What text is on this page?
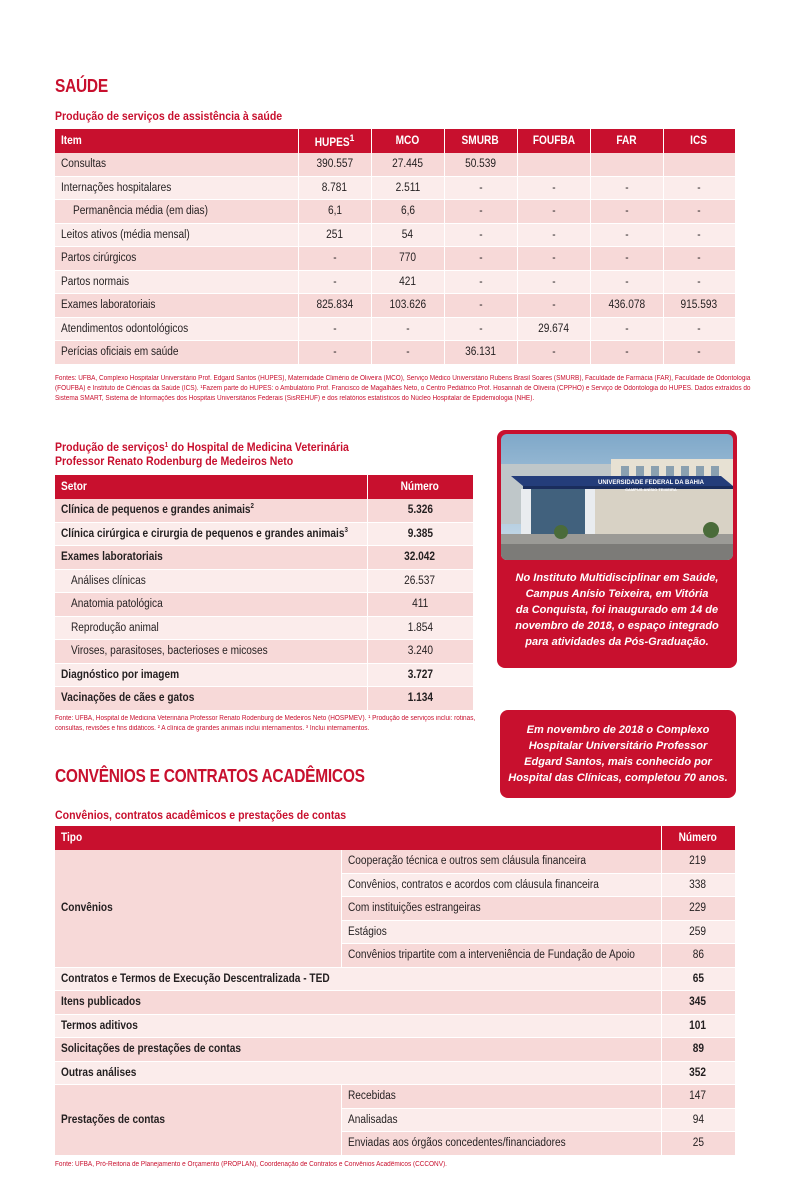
SAÚDE
Produção de serviços de assistência à saúde
Item	HUPES$^1$	MCO	SMURB	FOUFBA	FAR	ICS
Consultas	390.557	27.445	50.539			
Internações hospitalares	8.781	2.511	-	-	-	-
Permanência média (em dias)	6,1	6,6	-	-	-	-
Leitos ativos (média mensal)	251	54	-	-	-	-
Partos cirúrgicos	-	770	-	-	-	-
Partos normais	-	421	-	-	-	-
Exames laboratoriais	825.834	103.626	-	-	436.078	915.593
Atendimentos odontológicos	-	-	-	29.674	-	-
Perícias oficiais em saúde	-	-	36.131	-	-	-
Fontes: UFBA, Complexo Hospitalar Universitário Prof. Edgard Santos (HUPES), Maternidade Climério de Oliveira (MCO), Serviço Médico Universitário Rubens Brasil Soares (SMURB), Faculdade de Farmácia (FAR), Faculdade de Odontologia
(FOUFBA) e Instituto de Ciências da Saúde (ICS). ¹Fazem parte do HUPES: o Ambulatório Prof. Francisco de Magalhães Neto, o Centro Pediátrico Prof. Hosannah de Oliveira (CPPHO) e Serviço de Odontologia do HUPES. Dados extraídos do
Sistema SMART, Sistema de Informações dos Hospitais Universitários Federais (SisREHUF) e dos relatórios estatísticos do Núcleo Hospitalar de Epidemiologia (NHE).
Produção de serviços$^1$ do Hospital de Medicina Veterinária
Professor Renato Rodenburg de Medeiros Neto
Setor	Número
Clínica de pequenos e grandes animais$^2$	5.326
Clínica cirúrgica e cirurgia de pequenos e grandes animais$^3$	9.385
Exames laboratoriais	32.042
Análises clínicas	26.537
Anatomia patológica	411
Reprodução animal	1.854
Viroses, parasitoses, bacterioses e micoses	3.240
Diagnóstico por imagem	3.727
Vacinações de cães e gatos	1.134
Fonte: UFBA, Hospital de Medicina Veterinária Professor Renato Rodenburg de Medeiros Neto (HOSPMEV). ¹ Produção de serviços inclui: rotinas,
consultas, revisões e fins didáticos. ² A clínica de grandes animais inclui internamentos. ³ Inclui internamentos.
UNIVERSIDADE FEDERAL DA BAHIA
CAMPUS ANÍSIO TEIXEIRA

No Instituto Multidisciplinar em Saúde,

Campus Anísio Teixeira, em Vitória

da Conquista, foi inaugurado em 14 de

novembro de 2018, o espaço integrado

para atividades da Pós-Graduação.

Em novembro de 2018 o Complexo

Hospitalar Universitário Professor

Edgard Santos, mais conhecido por

Hospital das Clínicas, completou 70 anos.

CONVÊNIOS E CONTRATOS ACADÊMICOS
Convênios, contratos acadêmicos e prestações de contas
Tipo		Número
Convênios	Cooperação técnica e outros sem cláusula financeira	219
	Convênios, contratos e acordos com cláusula financeira	338
	Com instituições estrangeiras	229
	Estágios	259
	Convênios tripartite com a interveniência de Fundação de Apoio	86
Contratos e Termos de Execução Descentralizada - TED		65
Itens publicados		345
Termos aditivos		101
Solicitações de prestações de contas		89
Outras análises		352
Prestações de contas	Recebidas	147
	Analisadas	94
	Enviadas aos órgãos concedentes/financiadores	25
Fonte: UFBA, Pró-Reitoria de Planejamento e Orçamento (PROPLAN), Coordenação de Contratos e Convênios Acadêmicos (CCCONV).
